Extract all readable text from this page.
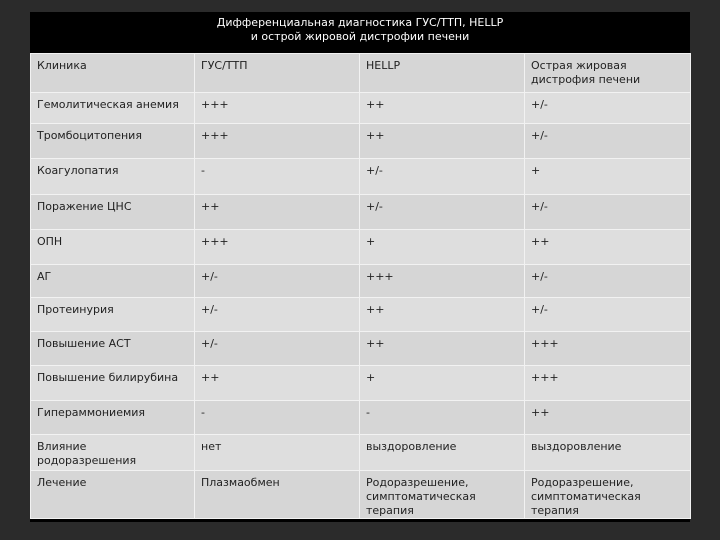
Дифференциальная диагностика ГУС/ТТП, HELLP
и острой жировой дистрофии печени
Клиника	ГУС/ТТП	HELLP	Острая жировая дистрофия печени
Гемолитическая анемия	+++	++	+/-
Тромбоцитопения	+++	++	+/-
Коагулопатия	-	+/-	+
Поражение ЦНС	++	+/-	+/-
ОПН	+++	+	++
АГ	+/-	+++	+/-
Протеинурия	+/-	++	+/-
Повышение АСТ	+/-	++	+++
Повышение билирубина	++	+	+++
Гипераммониемия	-	-	++
Влияние родоразрешения	нет	выздоровление	выздоровление
Лечение	Плазмаобмен	Родоразрешение, симптоматическая терапия	Родоразрешение, симптоматическая терапия
